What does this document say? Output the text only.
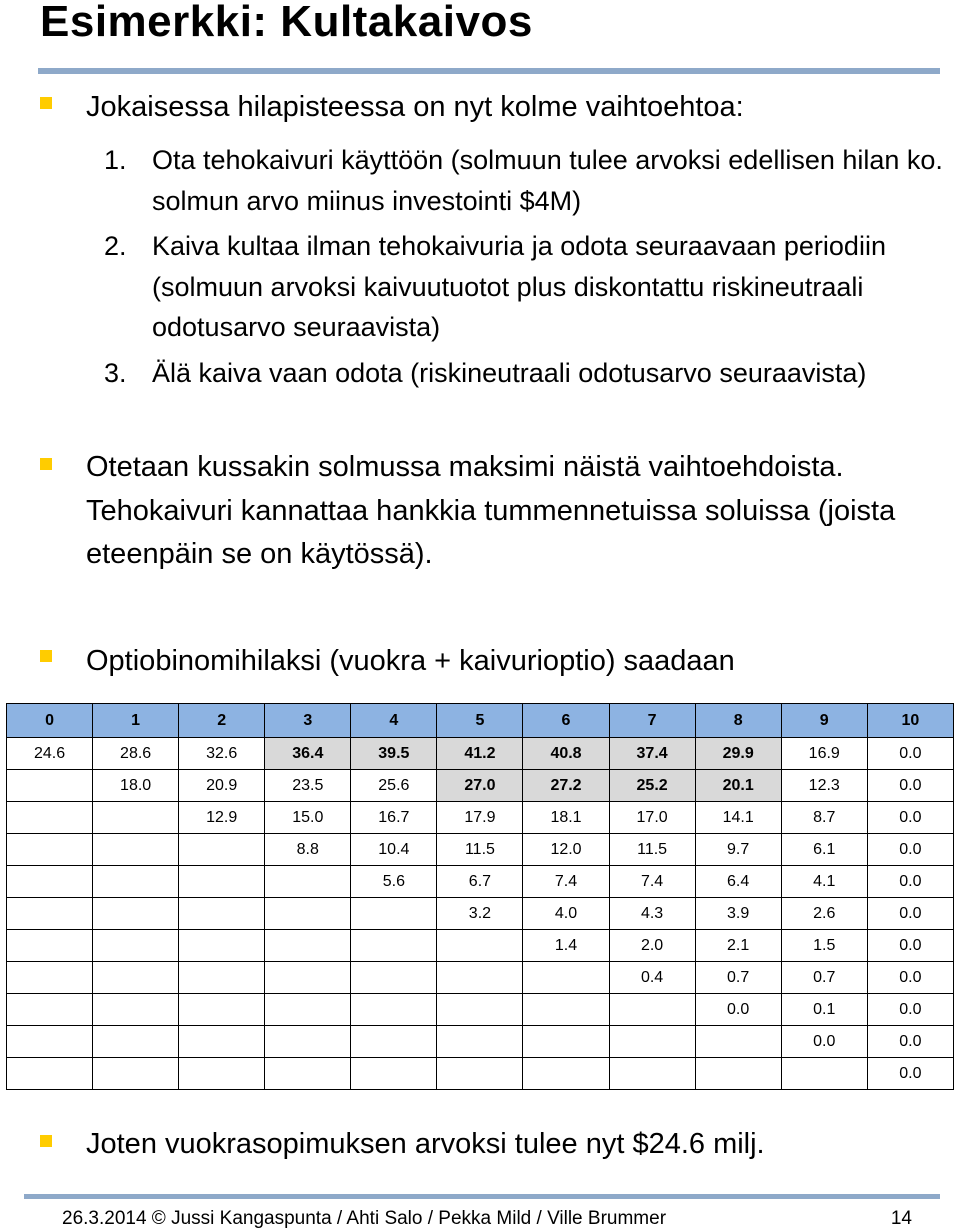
Esimerkki: Kultakaivos
Jokaisessa hilapisteessa on nyt kolme vaihtoehtoa:
1. Ota tehokaivuri käyttöön (solmuun tulee arvoksi edellisen hilan ko. solmun arvo miinus investointi $4M)
2. Kaiva kultaa ilman tehokaivuria ja odota seuraavaan periodiin (solmuun arvoksi kaivuutuotot plus diskontattu riskineutraali odotusarvo seuraavista)
3. Älä kaiva vaan odota (riskineutraali odotusarvo seuraavista)
Otetaan kussakin solmussa maksimi näistä vaihtoehdoista. Tehokaivuri kannattaa hankkia tummennetuissa soluissa (joista eteenpäin se on käytössä).
Optiobinomihilaksi (vuokra + kaivurioptio) saadaan
0	1	2	3	4	5	6	7	8	9	10
24.6	28.6	32.6	36.4	39.5	41.2	40.8	37.4	29.9	16.9	0.0
	18.0	20.9	23.5	25.6	27.0	27.2	25.2	20.1	12.3	0.0
		12.9	15.0	16.7	17.9	18.1	17.0	14.1	8.7	0.0
			8.8	10.4	11.5	12.0	11.5	9.7	6.1	0.0
				5.6	6.7	7.4	7.4	6.4	4.1	0.0
					3.2	4.0	4.3	3.9	2.6	0.0
						1.4	2.0	2.1	1.5	0.0
							0.4	0.7	0.7	0.0
								0.0	0.1	0.0
									0.0	0.0
										0.0
Joten vuokrasopimuksen arvoksi tulee nyt $24.6 milj.
26.3.2014 © Jussi Kangaspunta / Ahti Salo / Pekka Mild / Ville Brummer	14
